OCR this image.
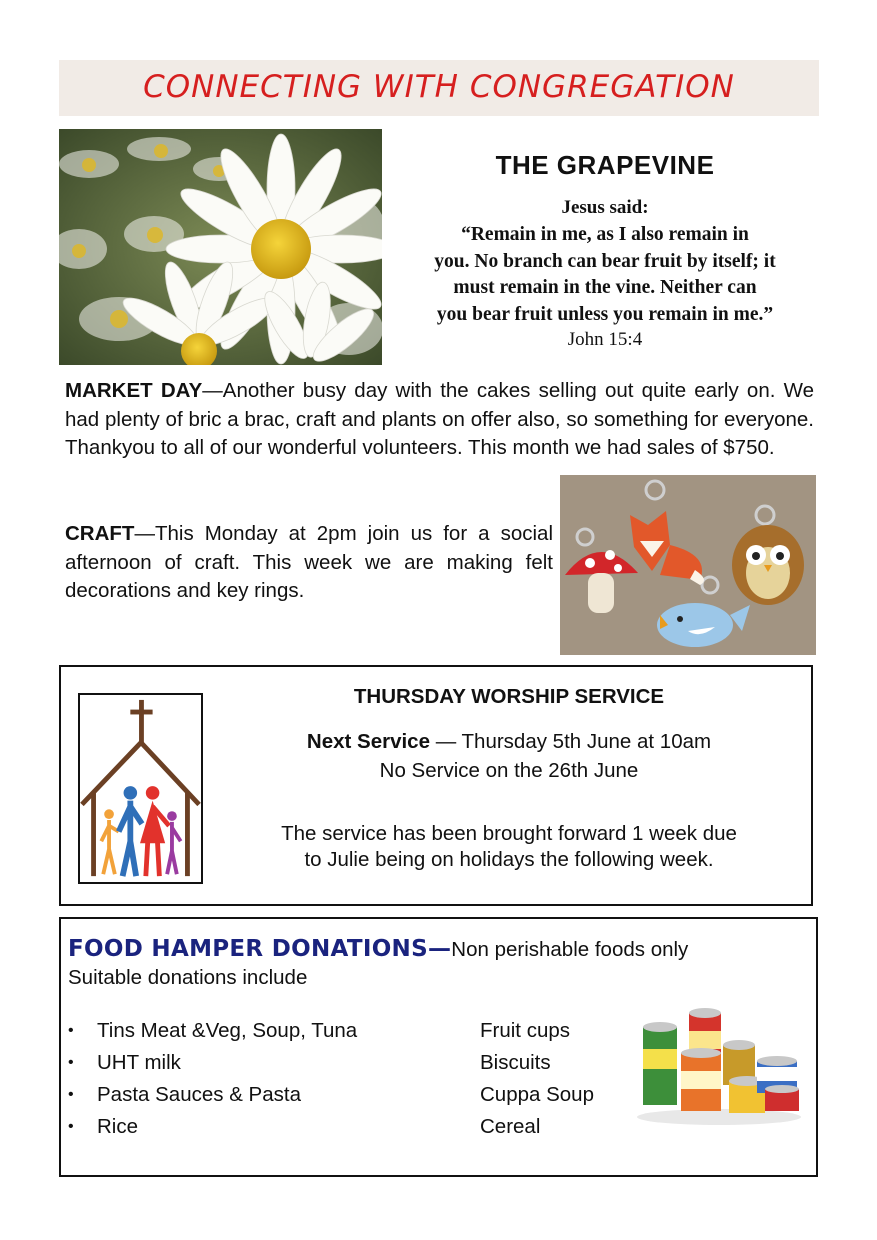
CONNECTING WITH CONGREGATION
THE GRAPEVINE
Jesus said:
“Remain in me, as I also remain in
you. No branch can bear fruit by itself; it
must remain in the vine. Neither can
you bear fruit unless you remain in me.”
John 15:4
MARKET DAY—Another busy day with the cakes selling out quite early on. We had plenty of bric a brac, craft and plants on offer also, so something for everyone. Thankyou to all of our wonderful volunteers. This month we had sales of $750.
CRAFT—This Monday at 2pm join us for a social afternoon of craft. This week we are making felt decorations and key rings.
THURSDAY WORSHIP SERVICE
Next Service — Thursday 5th June at 10am
No Service on the 26th June
The service has been brought forward 1 week due
to Julie being on holidays the following week.
FOOD HAMPER DONATIONS—Non perishable foods only
Suitable donations include
• Tins Meat &Veg, Soup, Tuna
• UHT milk
• Pasta Sauces & Pasta
• Rice
Fruit cups
Biscuits
Cuppa Soup
Cereal
